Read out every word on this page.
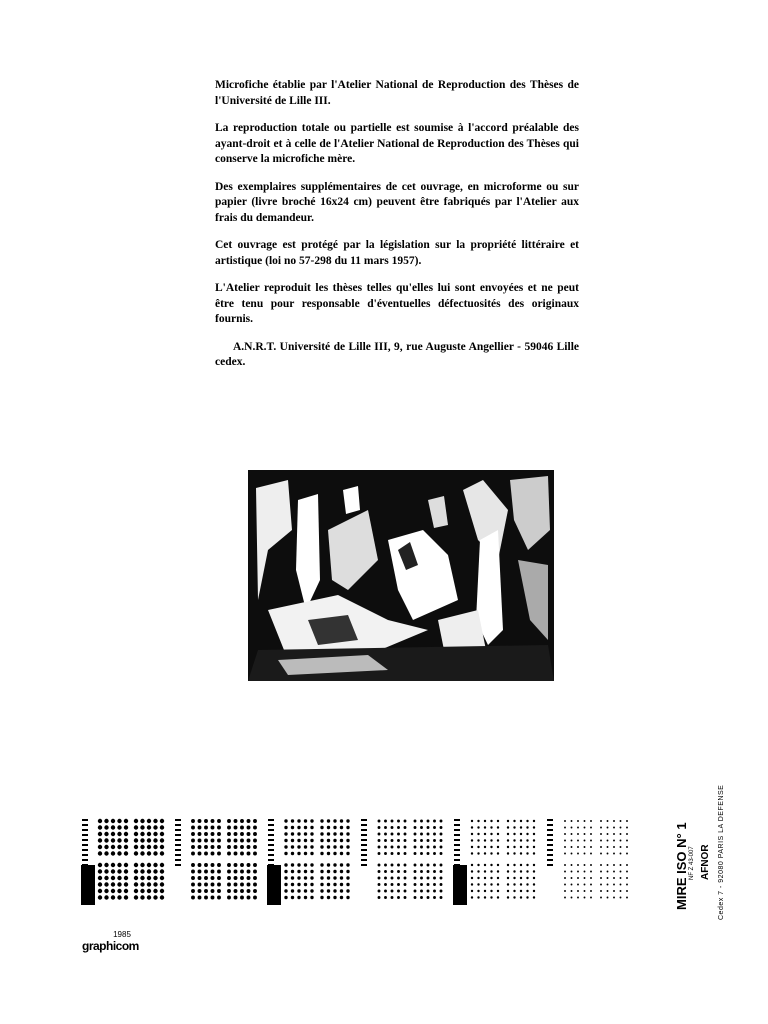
Microfiche établie par l'Atelier National de Reproduction des Thèses de l'Université de Lille III.

La reproduction totale ou partielle est soumise à l'accord préalable des ayant-droit et à celle de l'Atelier National de Reproduction des Thèses qui conserve la microfiche mère.

Des exemplaires supplémentaires de cet ouvrage, en microforme ou sur papier (livre broché 16x24 cm) peuvent être fabriqués par l'Atelier aux frais du demandeur.

Cet ouvrage est protégé par la législation sur la propriété littéraire et artistique (loi no 57-298 du 11 mars 1957).

L'Atelier reproduit les thèses telles qu'elles lui sont envoyées et ne peut être tenu pour responsable d'éventuelles défectuosités des originaux fournis.

A.N.R.T. Université de Lille III, 9, rue Auguste Angellier - 59046 Lille cedex.

MIRE ISO N° 1 NF Z 43-007 AFNOR Cedex 7 - 92080 PARIS LA DEFENSE
1985
graphicom
